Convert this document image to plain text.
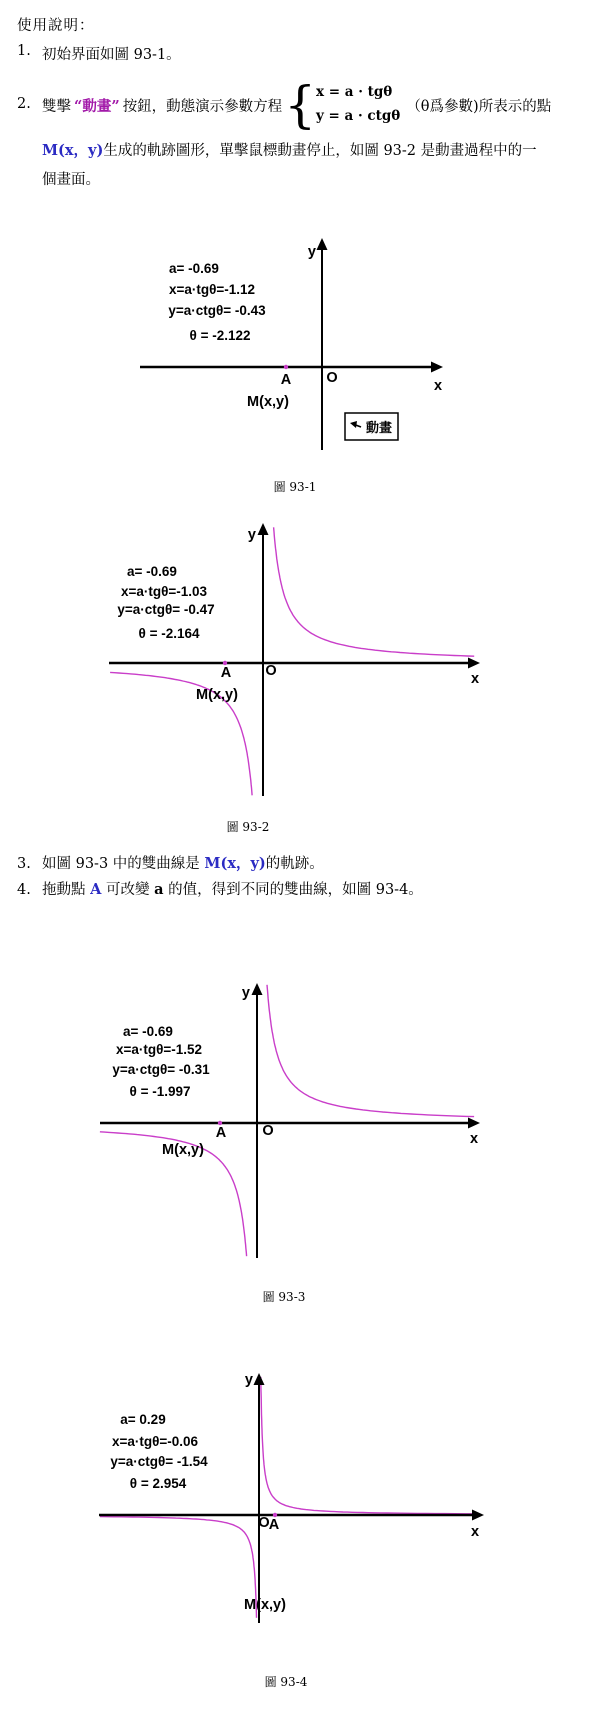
使用說明：
1. 初始界面如圖 93-1。
2. 雙擊 “動畫” 按鈕，動態演示參數方程 { x = a · tgθ
y = a · ctgθ
（θ爲參數)所表示的點
M(x，y)生成的軌跡圖形，單擊鼠標動畫停止，如圖 93-2 是動畫過程中的一
個畫面。
y
x
O
A
M(x,y)
a= -0.69
x=a·tgθ=-1.12
y=a·ctgθ= -0.43
θ = -2.122
動畫
圖 93-1
y
x
O
A
M(x,y)
a= -0.69
x=a·tgθ=-1.03
y=a·ctgθ= -0.47
θ = -2.164
圖 93-2
3. 如圖 93-3 中的雙曲線是 M(x，y)的軌跡。
4. 拖動點 A 可改變 a 的值，得到不同的雙曲線，如圖 93-4。
y
x
O
A
M(x,y)
a= -0.69
x=a·tgθ=-1.52
y=a·ctgθ= -0.31
θ = -1.997
圖 93-3
y
x
O A
M(x,y)
a= 0.29
x=a·tgθ=-0.06
y=a·ctgθ= -1.54
θ = 2.954
圖 93-4
